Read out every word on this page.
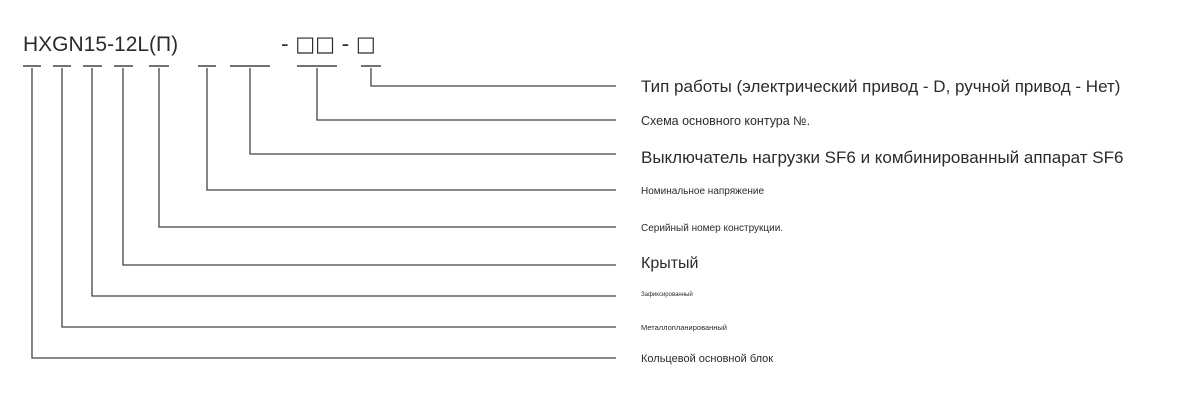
HXGN15-12L(П)	- □□ - □
Тип работы (электрический привод - D, ручной привод - Нет)
Схема основного контура №.
Выключатель нагрузки SF6 и комбинированный аппарат SF6
Номинальное напряжение
Серийный номер конструкции.
Крытый
Зафиксированный
Металлопланированный
Кольцевой основной блок
